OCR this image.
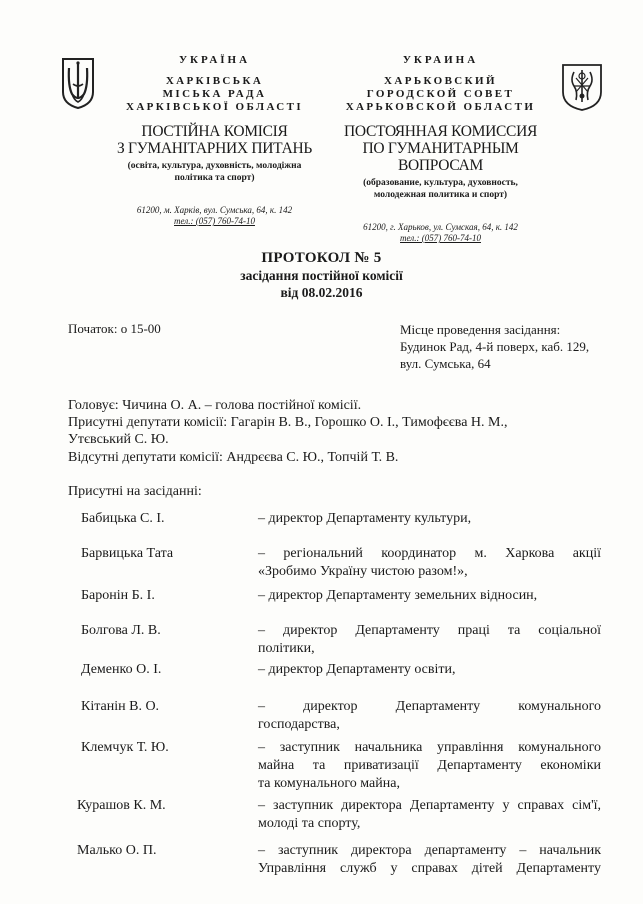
УКРАЇНА
ХАРКІВСЬКА
МІСЬКА РАДА
ХАРКІВСЬКОЇ ОБЛАСТІ
ПОСТІЙНА КОМІСІЯ
З ГУМАНІТАРНИХ ПИТАНЬ
(освіта, культура, духовність, молодіжна
політика та спорт)
61200, м. Харків, вул. Сумська, 64, к. 142
тел.: (057) 760-74-10
УКРАИНА
ХАРЬКОВСКИЙ
ГОРОДСКОЙ СОВЕТ
ХАРЬКОВСКОЙ ОБЛАСТИ
ПОСТОЯННАЯ КОМИССИЯ
ПО ГУМАНИТАРНЫМ ВОПРОСАМ
(образование, культура, духовность,
молодежная политика и спорт)
61200, г. Харьков, ул. Сумская, 64, к. 142
тел.: (057) 760-74-10
ПРОТОКОЛ № 5
засідання постійної комісії
від 08.02.2016
Початок: о 15-00	Місце проведення засідання:
Будинок Рад, 4-й поверх, каб. 129,
вул. Сумська, 64
Головує: Чичина О. А. – голова постійної комісії.
Присутні депутати комісії: Гагарін В. В., Горошко О. І., Тимофєєва Н. М.,
Утєвський С. Ю.
Відсутні депутати комісії: Андрєєва С. Ю., Топчій Т. В.
Присутні на засіданні:
Бабицька С. І.	– директор Департаменту культури,
Барвицька Тата	– регіональний координатор м. Харкова акції
«Зробимо Україну чистою разом!»,
Баронін Б. І.	– директор Департаменту земельних відносин,
Болгова Л. В.	– директор Департаменту праці та соціальної
політики,
Деменко О. І.	– директор Департаменту освіти,
Кітанін В. О.	– директор Департаменту комунального
господарства,
Клемчук Т. Ю.	– заступник начальника управління комунального
майна та приватизації Департаменту економіки
та комунального майна,
Курашов К. М.	– заступник директора Департаменту у справах сім'ї,
молоді та спорту,
Малько О. П.	– заступник директора департаменту – начальник
Управління служб у справах дітей Департаменту
